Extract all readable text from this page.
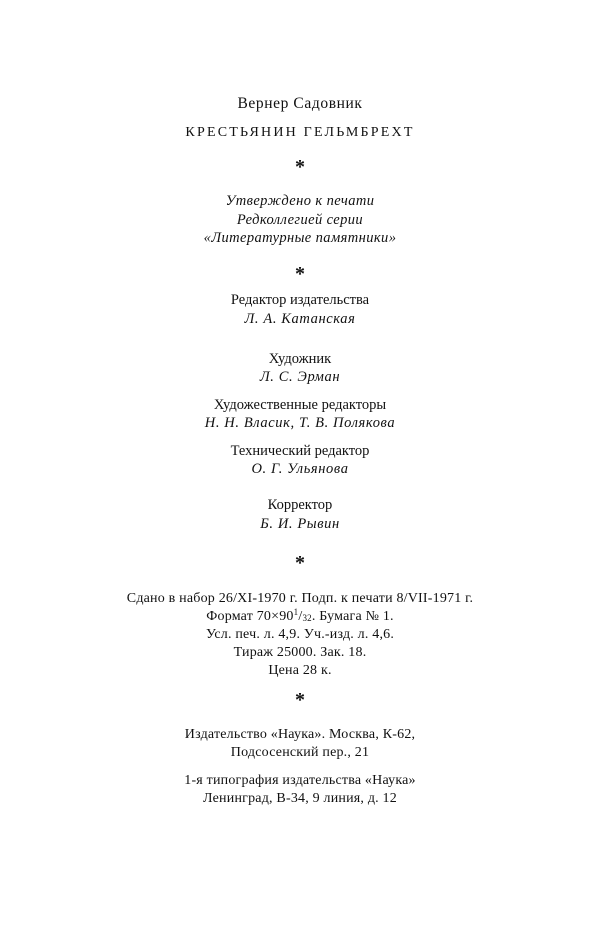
Вернер Садовник
КРЕСТЬЯНИН ГЕЛЬМБРЕХТ
*
Утверждено к печати
Редколлегией серии
«Литературные памятники»
*
Редактор издательства
Л. А. Катанская
Художник
Л. С. Эрман
Художественные редакторы
Н. Н. Власик, Т. В. Полякова
Технический редактор
О. Г. Ульянова
Корректор
Б. И. Рывин
*
Сдано в набор 26/XI-1970 г. Подп. к печати 8/VII-1971 г.
Формат $70\times 90^1/_{32}$. Бумага № 1.
Усл. печ. л. 4,9. Уч.-изд. л. 4,6.
Тираж 25000. Зак. 18.
Цена 28 к.
*
Издательство «Наука». Москва, К-62,
Подсосенский пер., 21
1-я типография издательства «Наука»
Ленинград, В-34, 9 линия, д. 12
